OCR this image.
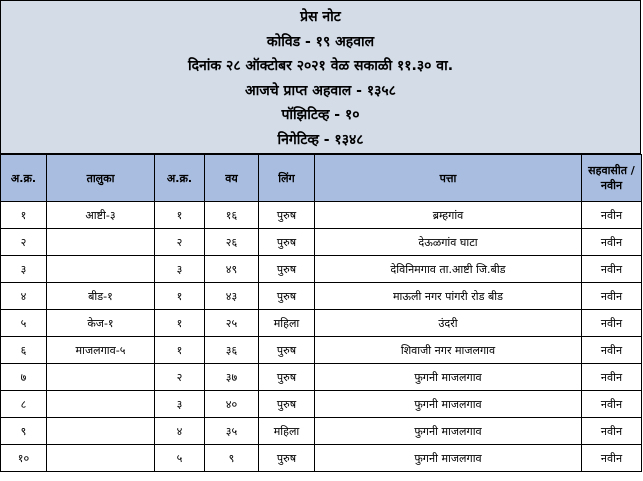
प्रेस नोट
कोविड - १९ अहवाल
दिनांक २८ ऑक्टोबर २०२१ वेळ सकाळी ११.३० वा.
आजचे प्राप्त अहवाल - १३५८
पॉझिटिव्ह - १०
निगेटिव्ह - १३४८
अ.क्र.	तालुका	अ.क्र.	वय	लिंग	पत्ता	सहवासीत / नवीन
१	आष्टी-३	१	१६	पुरुष	ब्रम्हगांव	नवीन
२		२	२६	पुरुष	देऊळगांव घाटा	नवीन
३		३	४९	पुरुष	देविनिमगाव ता.आष्टी जि.बीड	नवीन
४	बीड-१	१	४३	पुरुष	माऊली नगर पांगरी रोड बीड	नवीन
५	केज-१	१	२५	महिला	उंदरी	नवीन
६	माजलगाव-५	१	३६	पुरुष	शिवाजी नगर माजलगाव	नवीन
७		२	३७	पुरुष	फुगनी माजलगाव	नवीन
८		३	४०	पुरुष	फुगनी माजलगाव	नवीन
९		४	३५	महिला	फुगनी माजलगाव	नवीन
१०		५	९	पुरुष	फुगनी माजलगाव	नवीन
